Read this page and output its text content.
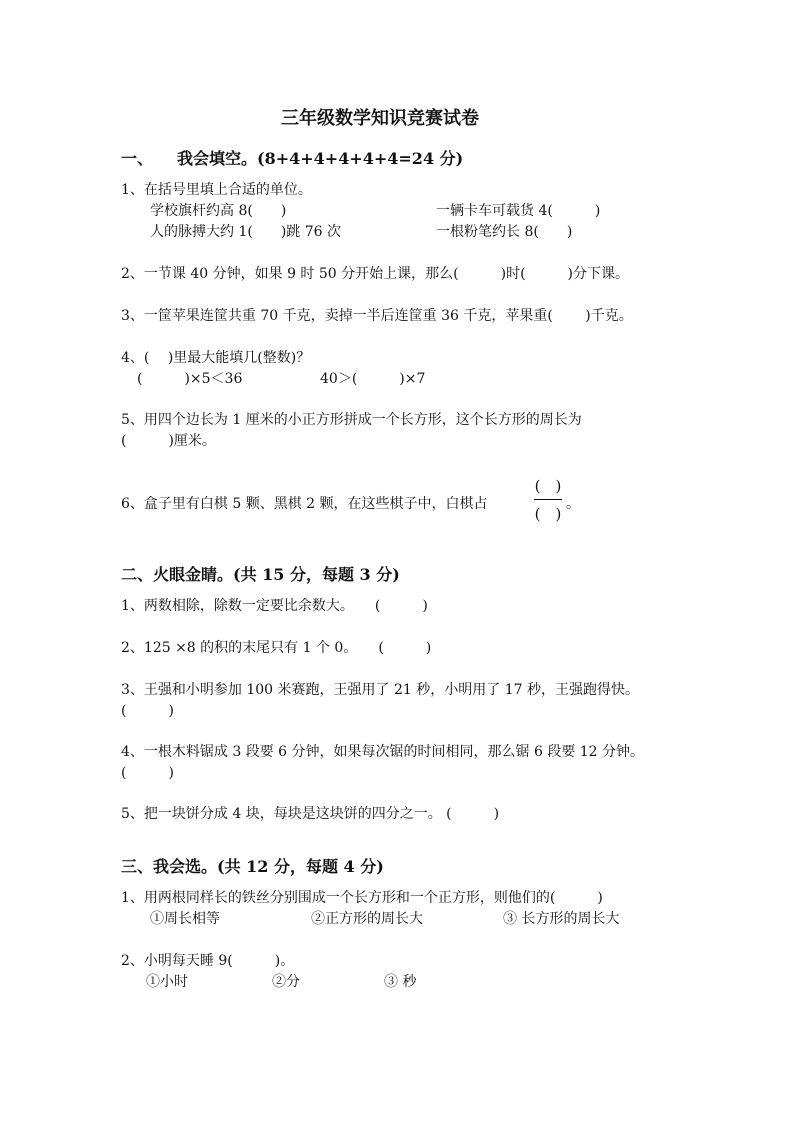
三年级数学知识竞赛试卷
一、 我会填空。(8+4+4+4+4+4=24 分)
1、在括号里填上合适的单位。
学校旗杆约高 8(　　)	一辆卡车可载货 4(　　　)
人的脉搏大约 1(　　)跳 76 次	一根粉笔约长 8(　　)
2、一节课 40 分钟，如果 9 时 50 分开始上课，那么(　　　)时(　　　)分下课。
3、一筐苹果连筐共重 70 千克，卖掉一半后连筐重 36 千克，苹果重(　　 )千克。
4、(　 )里最大能填几(整数)？
(　　　)×5＜36	40＞(　　　)×7
5、用四个边长为 1 厘米的小正方形拼成一个长方形，这个长方形的周长为
(　　　)厘米。
6、盒子里有白棋 5 颗、黑棋 2 颗，在这些棋子中，白棋占
(　)
(　)
。
二、火眼金睛。(共 15 分，每题 3 分)
1、两数相除，除数一定要比余数大。　　(　　　)
2、125 ×8 的积的末尾只有 1 个 0。　　(　　　)
3、王强和小明参加 100 米赛跑，王强用了 21 秒，小明用了 17 秒，王强跑得快。
(　　　)
4、一根木料锯成 3 段要 6 分钟，如果每次锯的时间相同，那么锯 6 段要 12 分钟。
(　　　)
5、把一块饼分成 4 块，每块是这块饼的四分之一。 (　　　)
三、我会选。(共 12 分，每题 4 分)
1、用两根同样长的铁丝分别围成一个长方形和一个正方形，则他们的(　　　)
①周长相等	②正方形的周长大	③ 长方形的周长大
2、小明每天睡 9(　　　)。
①小时	②分	③ 秒
